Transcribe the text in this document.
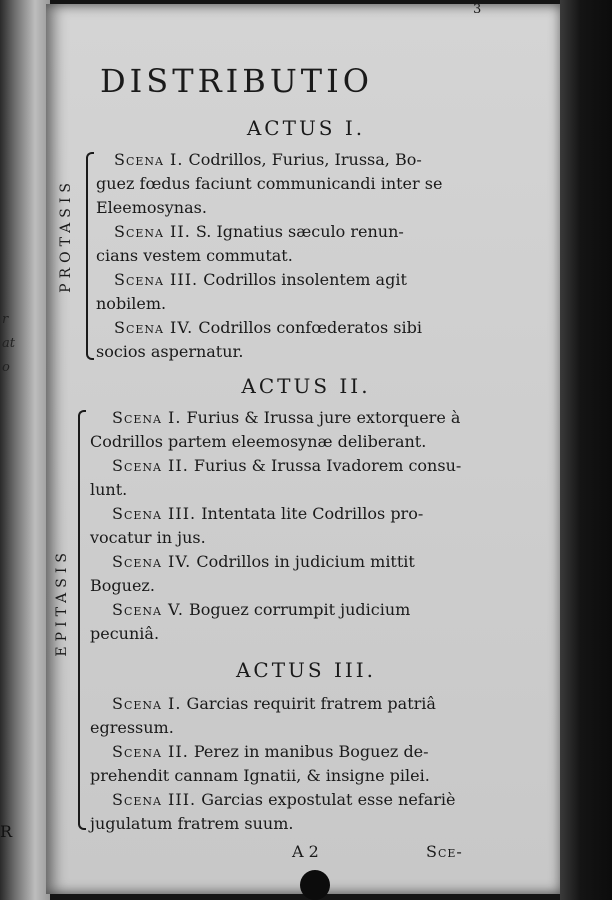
r
at
o
R
3
DISTRIBUTIO
ACTUS I.
PROTASIS
Scena I. Codrillos, Furius, Irussa, Bo-
guez fœdus faciunt communicandi inter se
Eleemosynas.
Scena II. S. Ignatius sæculo renun-
cians vestem commutat.
Scena III. Codrillos insolentem agit
nobilem.
Scena IV. Codrillos confœderatos sibi
socios aspernatur.
ACTUS II.
EPITASIS
Scena I. Furius & Irussa jure extorquere à
Codrillos partem eleemosynæ deliberant.
Scena II. Furius & Irussa Ivadorem consu-
lunt.
Scena III. Intentata lite Codrillos pro-
vocatur in jus.
Scena IV. Codrillos in judicium mittit
Boguez.
Scena V. Boguez corrumpit judicium
pecuniâ.
ACTUS III.
Scena I. Garcias requirit fratrem patriâ
egressum.
Scena II. Perez in manibus Boguez de-
prehendit cannam Ignatii, & insigne pilei.
Scena III. Garcias expostulat esse nefariè
jugulatum fratrem suum.
A 2	Sce-
